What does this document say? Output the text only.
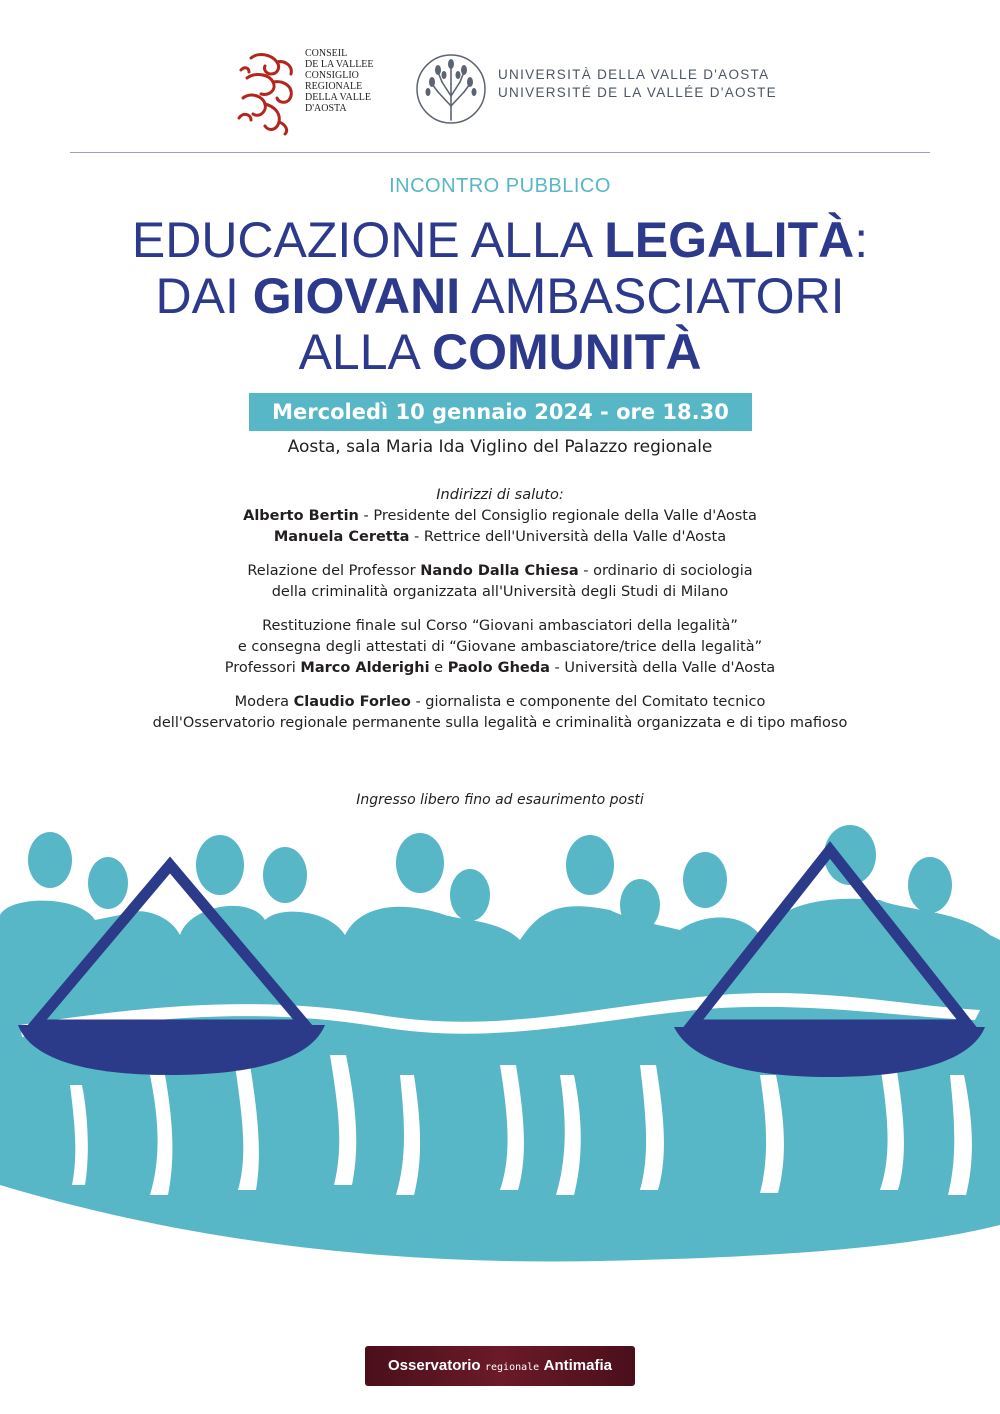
CONSEIL
DE LA VALLEE
CONSIGLIO
REGIONALE
DELLA VALLE
D'AOSTA
UNIVERSITÀ DELLA VALLE D'AOSTA
UNIVERSITÉ DE LA VALLÉE D'AOSTE
INCONTRO PUBBLICO
EDUCAZIONE ALLA LEGALITÀ:
DAI GIOVANI AMBASCIATORI
ALLA COMUNITÀ
Mercoledì 10 gennaio 2024 - ore 18.30
Aosta, sala Maria Ida Viglino del Palazzo regionale
Indirizzi di saluto:
Alberto Bertin - Presidente del Consiglio regionale della Valle d'Aosta
Manuela Ceretta - Rettrice dell'Università della Valle d'Aosta
Relazione del Professor Nando Dalla Chiesa - ordinario di sociologia
della criminalità organizzata all'Università degli Studi di Milano
Restituzione finale sul Corso “Giovani ambasciatori della legalità”
e consegna degli attestati di “Giovane ambasciatore/trice della legalità”
Professori Marco Alderighi e Paolo Gheda - Università della Valle d'Aosta
Modera Claudio Forleo - giornalista e componente del Comitato tecnico
dell'Osservatorio regionale permanente sulla legalità e criminalità organizzata e di tipo mafioso
Ingresso libero fino ad esaurimento posti
Osservatorio regionale Antimafia
